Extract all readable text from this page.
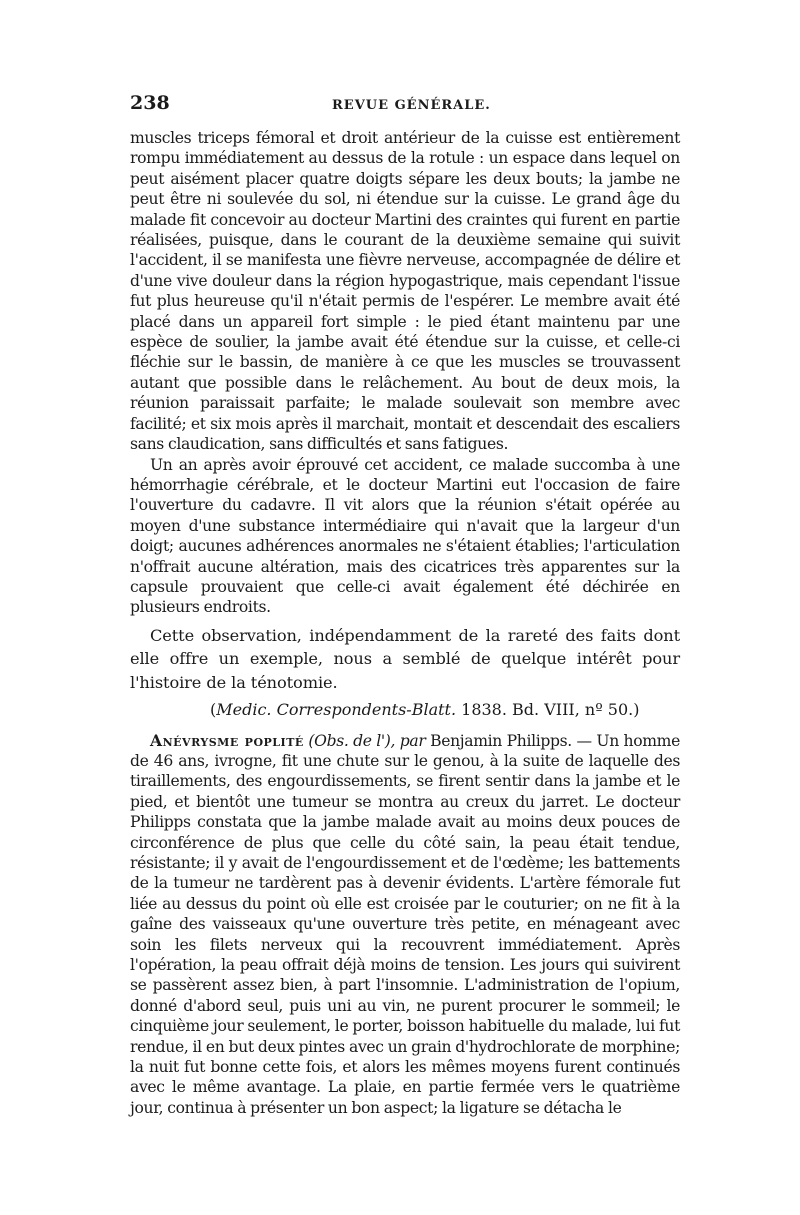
238	REVUE GÉNÉRALE.

muscles triceps fémoral et droit antérieur de la cuisse est entièrement rompu immédiatement au dessus de la rotule : un espace dans lequel on peut aisément placer quatre doigts sépare les deux bouts; la jambe ne peut être ni soulevée du sol, ni étendue sur la cuisse. Le grand âge du malade fit concevoir au docteur Martini des craintes qui furent en partie réalisées, puisque, dans le courant de la deuxième semaine qui suivit l'accident, il se manifesta une fièvre nerveuse, accompagnée de délire et d'une vive douleur dans la région hypogastrique, mais cependant l'issue fut plus heureuse qu'il n'était permis de l'espérer. Le membre avait été placé dans un appareil fort simple : le pied étant maintenu par une espèce de soulier, la jambe avait été étendue sur la cuisse, et celle-ci fléchie sur le bassin, de manière à ce que les muscles se trouvassent autant que possible dans le relâchement. Au bout de deux mois, la réunion paraissait parfaite; le malade soulevait son membre avec facilité; et six mois après il marchait, montait et descendait des escaliers sans claudication, sans difficultés et sans fatigues.

Un an après avoir éprouvé cet accident, ce malade succomba à une hémorrhagie cérébrale, et le docteur Martini eut l'occasion de faire l'ouverture du cadavre. Il vit alors que la réunion s'était opérée au moyen d'une substance intermédiaire qui n'avait que la largeur d'un doigt; aucunes adhérences anormales ne s'étaient établies; l'articulation n'offrait aucune altération, mais des cicatrices très apparentes sur la capsule prouvaient que celle-ci avait également été déchirée en plusieurs endroits.

Cette observation, indépendamment de la rareté des faits dont elle offre un exemple, nous a semblé de quelque intérêt pour l'histoire de la ténotomie.

(Medic. Correspondents-Blatt. 1838. Bd. VIII, nº 50.)

Anévrysme poplité (Obs. de l'), par Benjamin Philipps. — Un homme de 46 ans, ivrogne, fit une chute sur le genou, à la suite de laquelle des tiraillements, des engourdissements, se firent sentir dans la jambe et le pied, et bientôt une tumeur se montra au creux du jarret. Le docteur Philipps constata que la jambe malade avait au moins deux pouces de circonférence de plus que celle du côté sain, la peau était tendue, résistante; il y avait de l'engourdissement et de l'œdème; les battements de la tumeur ne tardèrent pas à devenir évidents. L'artère fémorale fut liée au dessus du point où elle est croisée par le couturier; on ne fit à la gaîne des vaisseaux qu'une ouverture très petite, en ménageant avec soin les filets nerveux qui la recouvrent immédiatement. Après l'opération, la peau offrait déjà moins de tension. Les jours qui suivirent se passèrent assez bien, à part l'insomnie. L'administration de l'opium, donné d'abord seul, puis uni au vin, ne purent procurer le sommeil; le cinquième jour seulement, le porter, boisson habituelle du malade, lui fut rendue, il en but deux pintes avec un grain d'hydrochlorate de morphine; la nuit fut bonne cette fois, et alors les mêmes moyens furent continués avec le même avantage. La plaie, en partie fermée vers le quatrième jour, continua à présenter un bon aspect; la ligature se détacha le
